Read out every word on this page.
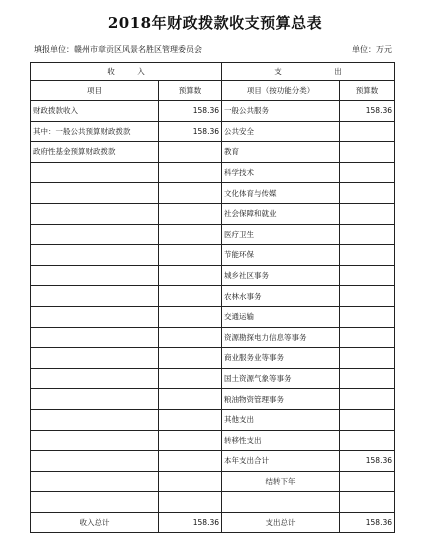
2018年财政拨款收支预算总表
填报单位：赣州市章贡区风景名胜区管理委员会	单位：万元
收　　　入		支　　　　　　　出	
项目	预算数	项目（按功能分类）	预算数
财政拨款收入	158.36	一般公共服务	158.36
其中：一般公共预算财政拨款	158.36	公共安全	
政府性基金预算财政拨款		教育	
		科学技术	
		文化体育与传媒	
		社会保障和就业	
		医疗卫生	
		节能环保	
		城乡社区事务	
		农林水事务	
		交通运输	
		资源勘探电力信息等事务	
		商业服务业等事务	
		国土资源气象等事务	
		粮油物资管理事务	
		其他支出	
		转移性支出	
		本年支出合计	158.36
		结转下年	

收入总计	158.36	支出总计	158.36
